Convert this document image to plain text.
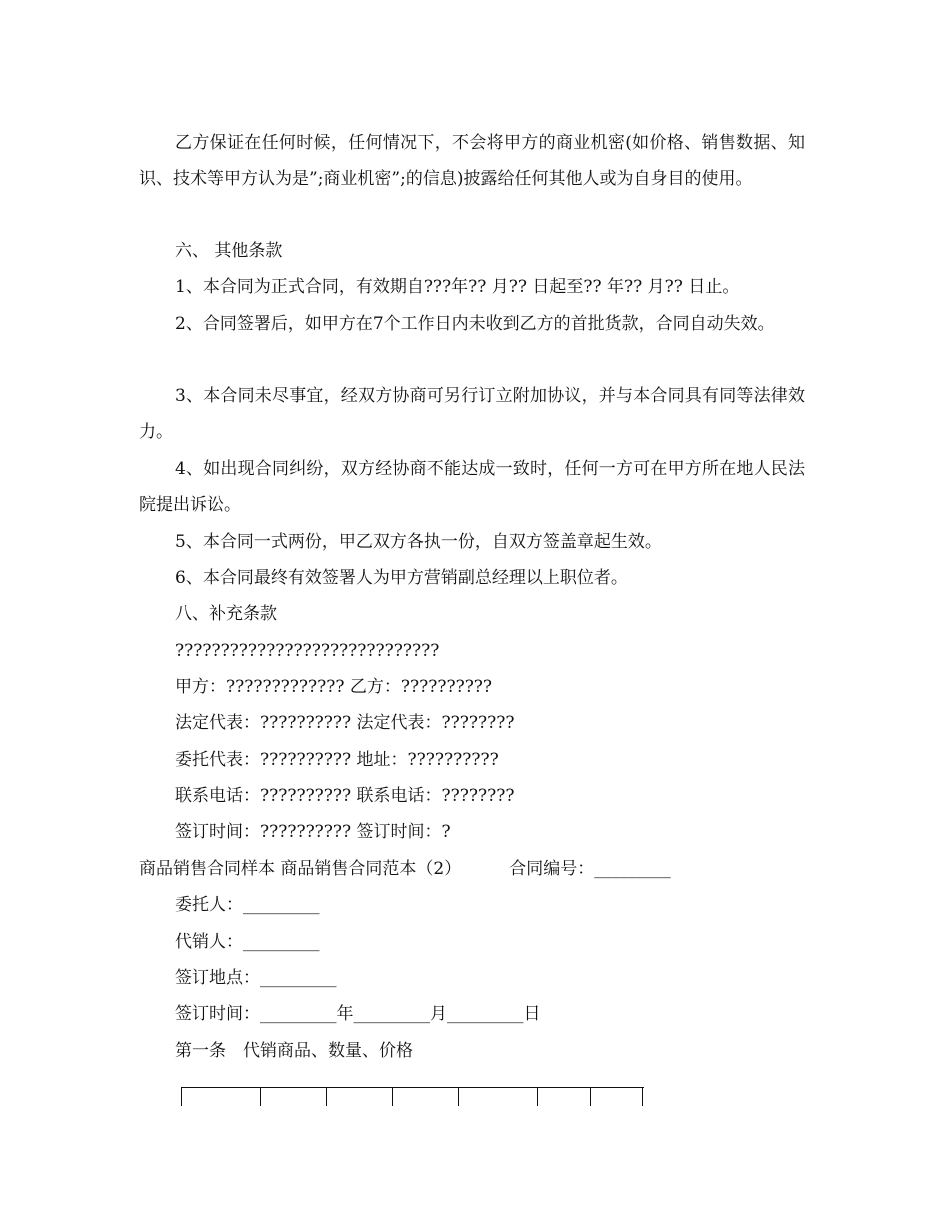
乙方保证在任何时候，任何情况下，不会将甲方的商业机密(如价格、销售数据、知识、技术等甲方认为是”;商业机密”;的信息)披露给任何其他人或为自身目的使用。

六、 其他条款

1、本合同为正式合同，有效期自???年?? 月?? 日起至?? 年?? 月?? 日止。

2、合同签署后，如甲方在7个工作日内未收到乙方的首批货款，合同自动失效。

3、本合同未尽事宜，经双方协商可另行订立附加协议，并与本合同具有同等法律效力。

4、如出现合同纠纷，双方经协商不能达成一致时，任何一方可在甲方所在地人民法院提出诉讼。

5、本合同一式两份，甲乙双方各执一份，自双方签盖章起生效。

6、本合同最终有效签署人为甲方营销副总经理以上职位者。

八、补充条款

?????????????????????????????

甲方：????????????? 乙方：??????????

法定代表：?????????? 法定代表：????????

委托代表：?????????? 地址：??????????

联系电话：?????????? 联系电话：????????

签订时间：?????????? 签订时间：?

商品销售合同样本 商品销售合同范本（2）	合同编号：_________

委托人：_________

代销人：_________

签订地点：_________

签订时间：_________年_________月_________日

第一条　代销商品、数量、价格
